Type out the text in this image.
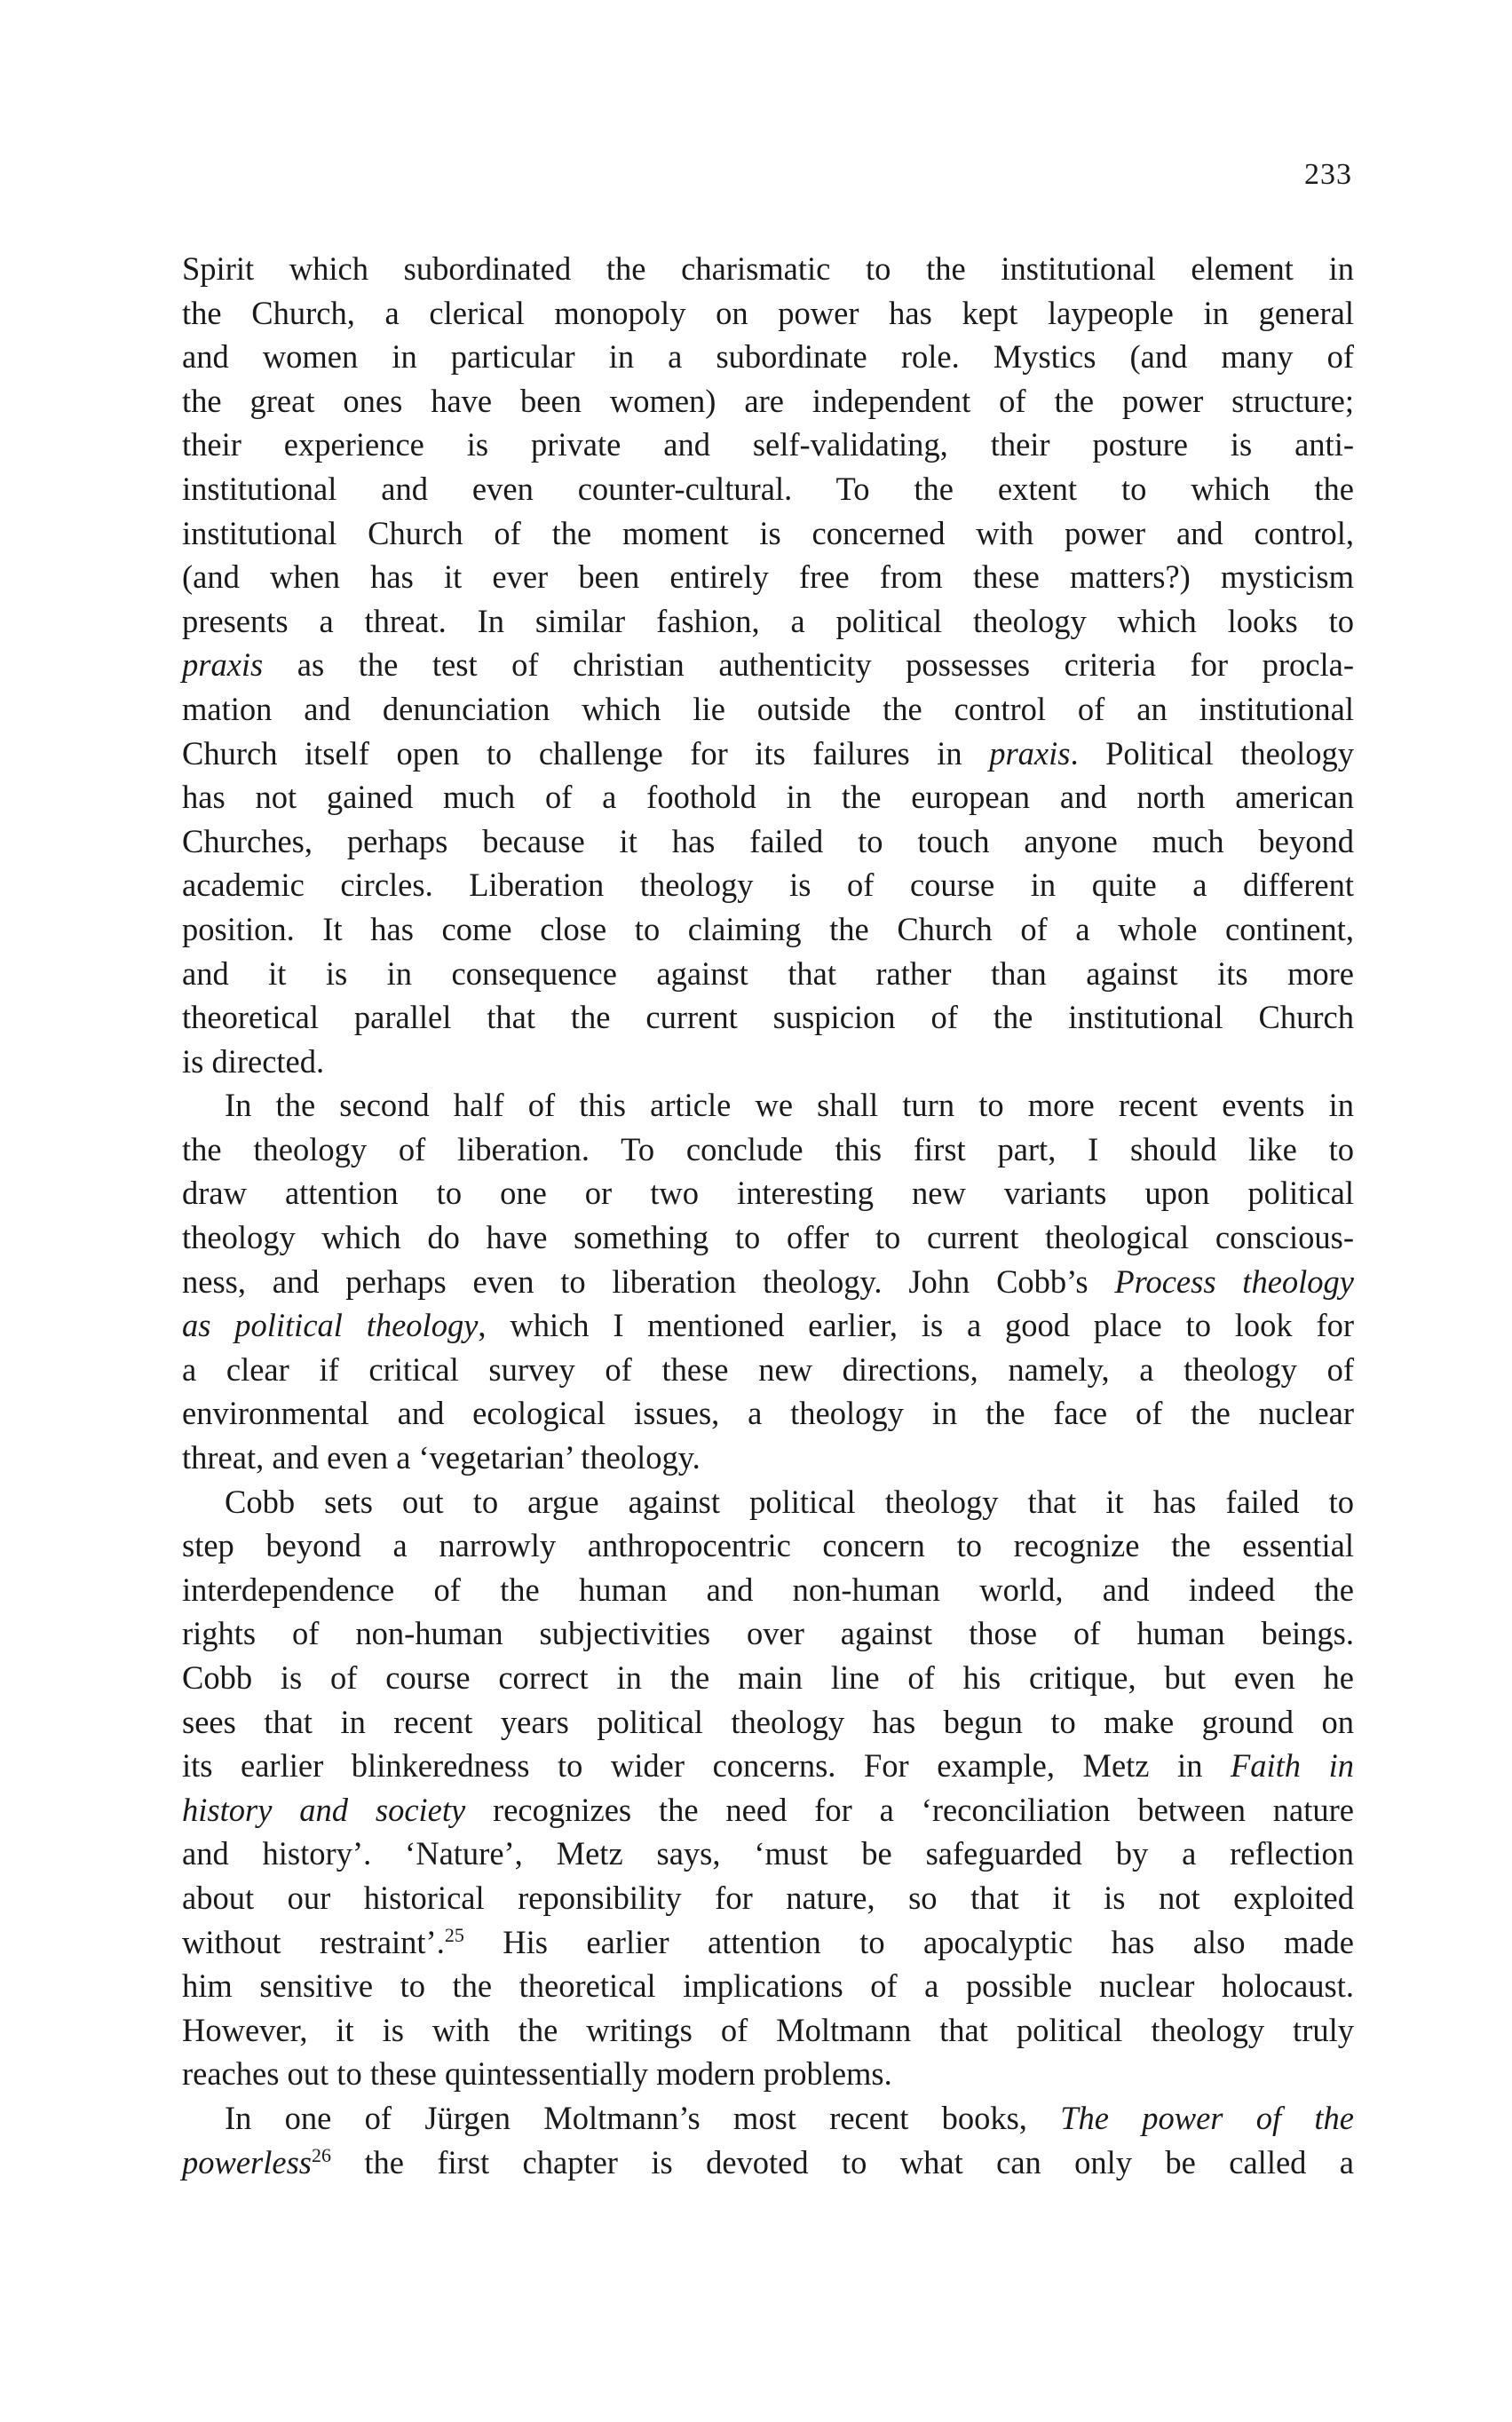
233

Spirit which subordinated the charismatic to the institutional element in
the Church, a clerical monopoly on power has kept laypeople in general
and women in particular in a subordinate role. Mystics (and many of
the great ones have been women) are independent of the power structure;
their experience is private and self-validating, their posture is anti-
institutional and even counter-cultural. To the extent to which the
institutional Church of the moment is concerned with power and control,
(and when has it ever been entirely free from these matters?) mysticism
presents a threat. In similar fashion, a political theology which looks to
praxis as the test of christian authenticity possesses criteria for procla-
mation and denunciation which lie outside the control of an institutional
Church itself open to challenge for its failures in praxis. Political theology
has not gained much of a foothold in the european and north american
Churches, perhaps because it has failed to touch anyone much beyond
academic circles. Liberation theology is of course in quite a different
position. It has come close to claiming the Church of a whole continent,
and it is in consequence against that rather than against its more
theoretical parallel that the current suspicion of the institutional Church
is directed.

In the second half of this article we shall turn to more recent events in
the theology of liberation. To conclude this first part, I should like to
draw attention to one or two interesting new variants upon political
theology which do have something to offer to current theological conscious-
ness, and perhaps even to liberation theology. John Cobb’s Process theology
as political theology, which I mentioned earlier, is a good place to look for
a clear if critical survey of these new directions, namely, a theology of
environmental and ecological issues, a theology in the face of the nuclear
threat, and even a ‘vegetarian’ theology.

Cobb sets out to argue against political theology that it has failed to
step beyond a narrowly anthropocentric concern to recognize the essential
interdependence of the human and non-human world, and indeed the
rights of non-human subjectivities over against those of human beings.
Cobb is of course correct in the main line of his critique, but even he
sees that in recent years political theology has begun to make ground on
its earlier blinkeredness to wider concerns. For example, Metz in Faith in
history and society recognizes the need for a ‘reconciliation between nature
and history’. ‘Nature’, Metz says, ‘must be safeguarded by a reflection
about our historical reponsibility for nature, so that it is not exploited
without restraint’.$^{25}$ His earlier attention to apocalyptic has also made
him sensitive to the theoretical implications of a possible nuclear holocaust.
However, it is with the writings of Moltmann that political theology truly
reaches out to these quintessentially modern problems.

In one of Jürgen Moltmann’s most recent books, The power of the
powerless$^{26}$ the first chapter is devoted to what can only be called a
